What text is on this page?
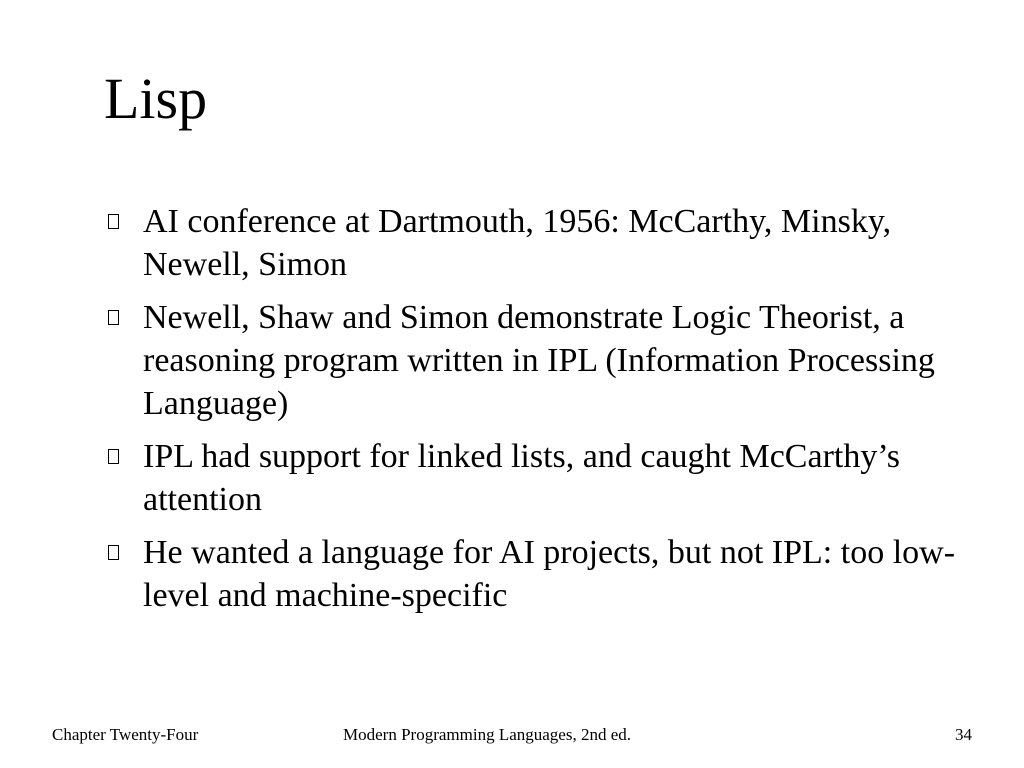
Lisp
AI conference at Dartmouth, 1956: McCarthy, Minsky, Newell, Simon
Newell, Shaw and Simon demonstrate Logic Theorist, a reasoning program written in IPL (Information Processing Language)
IPL had support for linked lists, and caught McCarthy’s attention
He wanted a language for AI projects, but not IPL: too low-level and machine-specific

Chapter Twenty-Four	Modern Programming Languages, 2nd ed.	34
